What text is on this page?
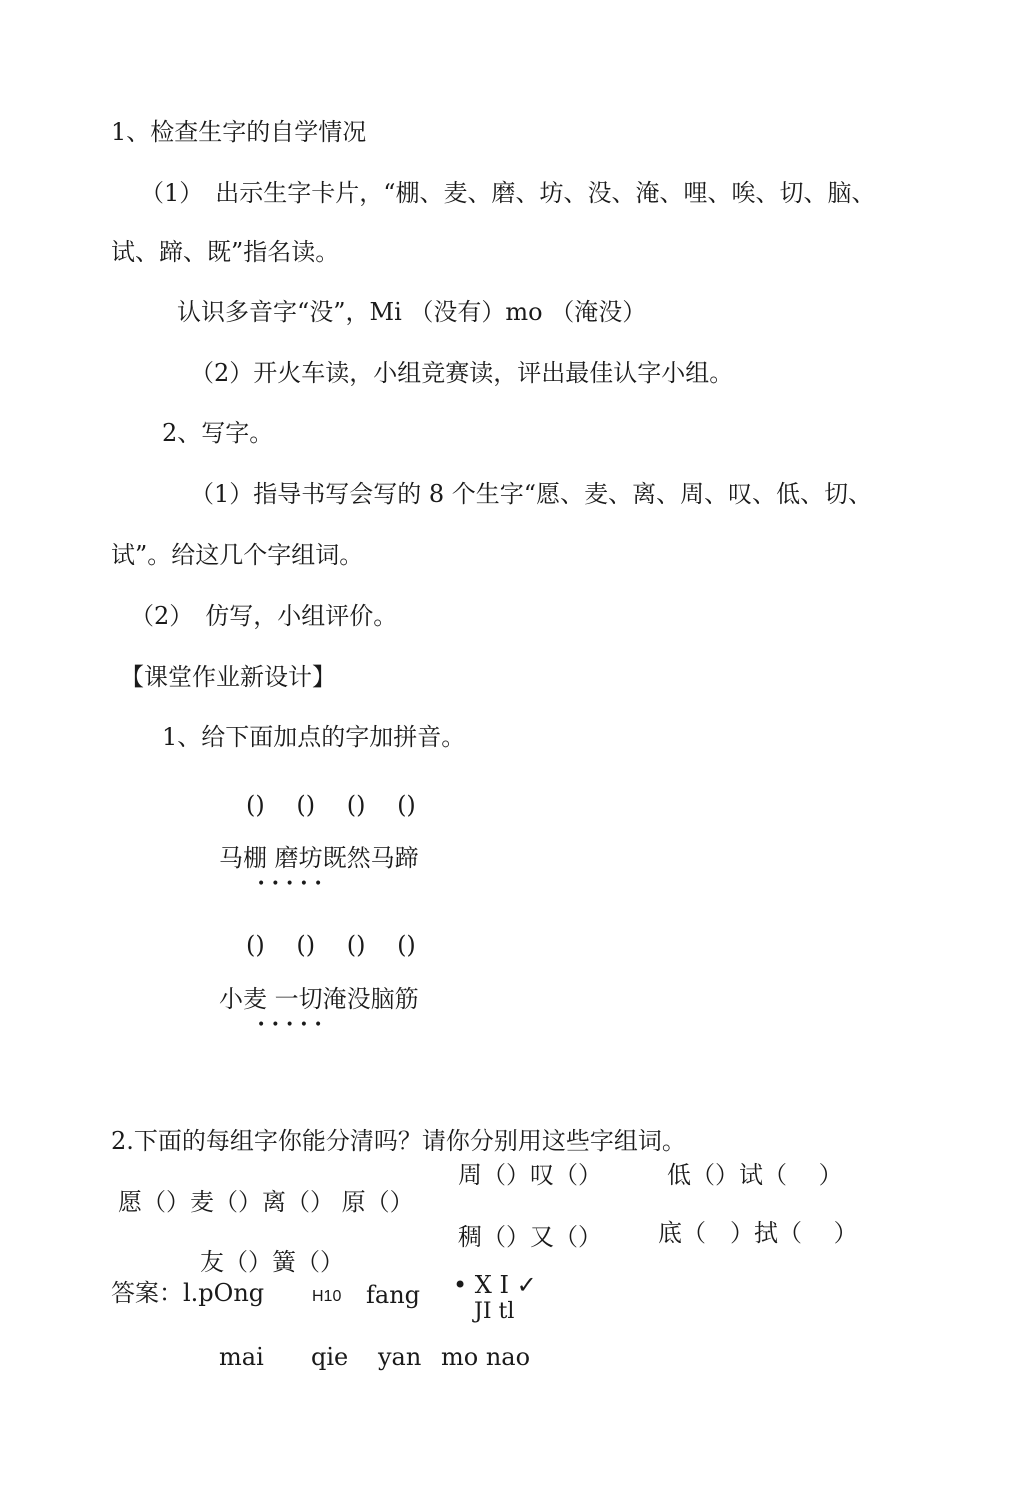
1、检查生字的自学情况
（1）　出示生字卡片，“棚、麦、磨、坊、没、淹、哩、唉、切、脑、
试、蹄、既”指名读。
认识多音字“没”，Mi （没有）mo （淹没）
（2）开火车读，小组竞赛读，评出最佳认字小组。
2、写字。
（1）指导书写会写的 8 个生字“愿、麦、离、周、叹、低、切、
试”。给这几个字组词。
（2）　仿写，小组评价。
【课堂作业新设计】
1、给下面加点的字加拼音。
()　 ()　 ()　 ()
马棚 磨坊既然马蹄
•••••
()　 ()　 ()　 ()
小麦 一切淹没脑筋
•••••
2.下面的每组字你能分清吗？请你分别用这些字组词。
周（）叹（）	低（）试（　 ）
愿（）麦（）离（） 原（）
稠（）又（） 底（　）拭（　 ）
友（）簧（）
答案：l.pOng	H10 fang • X I ✓
JI tl
mai qie yan mo nao
